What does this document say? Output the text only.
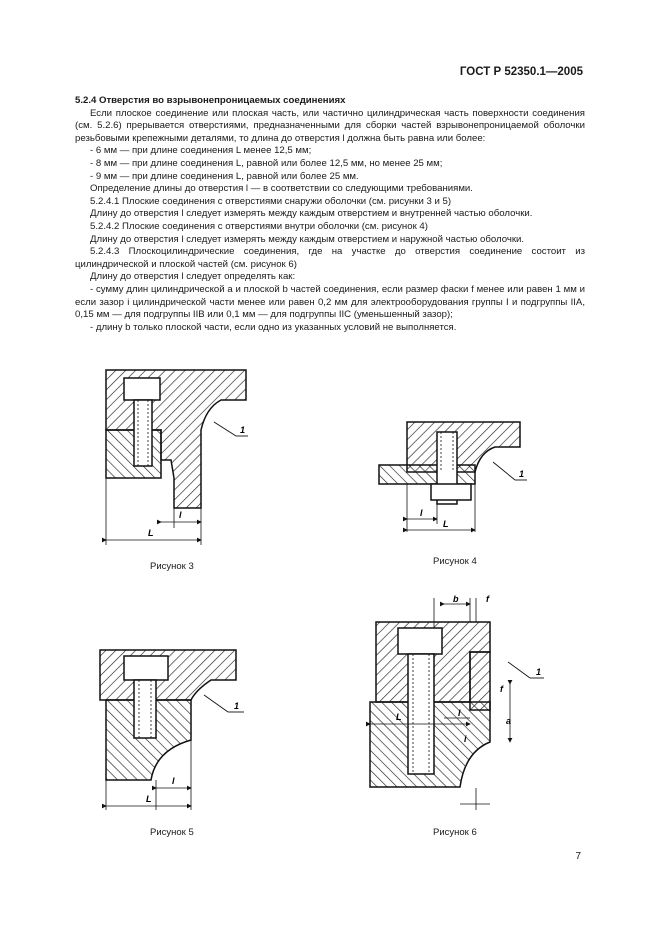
ГОСТ Р 52350.1—2005

5.2.4 Отверстия во взрывонепроницаемых соединениях

Если плоское соединение или плоская часть, или частично цилиндрическая часть поверхности соединения (см. 5.2.6) прерывается отверстиями, предназначенными для сборки частей взрывонепроницаемой оболочки резьбовыми крепежными деталями, то длина до отверстия l должна быть равна или более:

- 6 мм — при длине соединения L менее 12,5 мм;

- 8 мм — при длине соединения L, равной или более 12,5 мм, но менее 25 мм;

- 9 мм — при длине соединения L, равной или более 25 мм.

Определение длины до отверстия l — в соответствии со следующими требованиями.

5.2.4.1 Плоские соединения с отверстиями снаружи оболочки (см. рисунки 3 и 5)

Длину до отверстия l следует измерять между каждым отверстием и внутренней частью оболочки.

5.2.4.2 Плоские соединения с отверстиями внутри оболочки (см. рисунок 4)

Длину до отверстия l следует измерять между каждым отверстием и наружной частью оболочки.

5.2.4.3 Плоскоцилиндрические соединения, где на участке до отверстия соединение состоит из цилиндрической и плоской частей (см. рисунок 6)

Длину до отверстия l следует определять как:

- сумму длин цилиндрической a и плоской b частей соединения, если размер фаски f менее или равен 1 мм и если зазор i цилиндрической части менее или равен 0,2 мм для электрооборудования группы I и подгруппы IIA, 0,15 мм — для подгруппы IIB или 0,1 мм — для подгруппы IIC (уменьшенный зазор);

- длину b только плоской части, если одно из указанных условий не выполняется.

L
l
1
Рисунок 3
l
L
1
Рисунок 4
L
l
1
Рисунок 5
b	f
L	l
f
a
i
1
Рисунок 6
7
